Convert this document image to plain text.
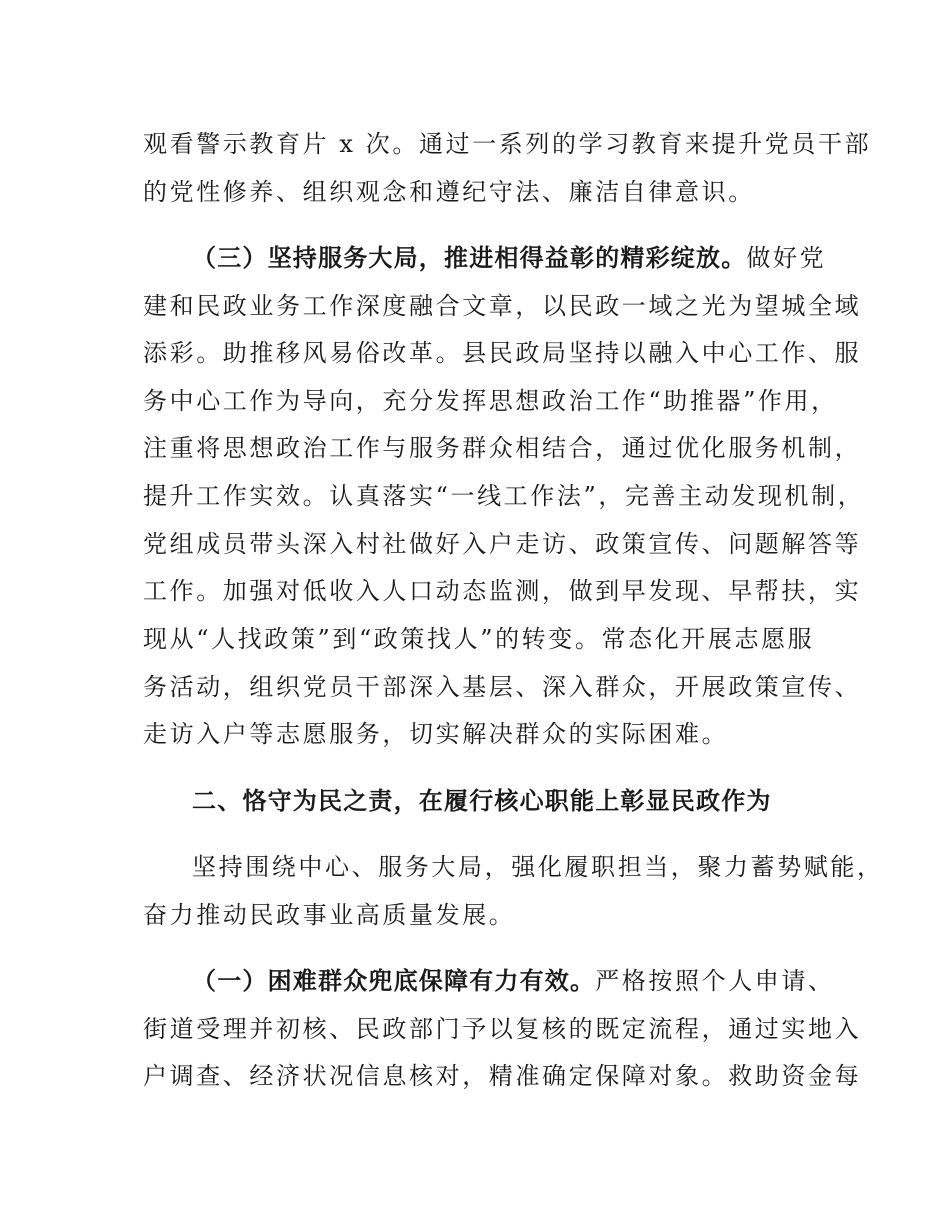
观看警示教育片 x 次。通过一系列的学习教育来提升党员干部
的党性修养、组织观念和遵纪守法、廉洁自律意识。
（三）坚持服务大局，推进相得益彰的精彩绽放。做好党
建和民政业务工作深度融合文章，以民政一域之光为望城全域
添彩。助推移风易俗改革。县民政局坚持以融入中心工作、服
务中心工作为导向，充分发挥思想政治工作“助推器”作用，
注重将思想政治工作与服务群众相结合，通过优化服务机制，
提升工作实效。认真落实“一线工作法”，完善主动发现机制，
党组成员带头深入村社做好入户走访、政策宣传、问题解答等
工作。加强对低收入人口动态监测，做到早发现、早帮扶，实
现从“人找政策”到“政策找人”的转变。常态化开展志愿服
务活动，组织党员干部深入基层、深入群众，开展政策宣传、
走访入户等志愿服务，切实解决群众的实际困难。
二、恪守为民之责，在履行核心职能上彰显民政作为
坚持围绕中心、服务大局，强化履职担当，聚力蓄势赋能，
奋力推动民政事业高质量发展。
（一）困难群众兜底保障有力有效。严格按照个人申请、
街道受理并初核、民政部门予以复核的既定流程，通过实地入
户调查、经济状况信息核对，精准确定保障对象。救助资金每
